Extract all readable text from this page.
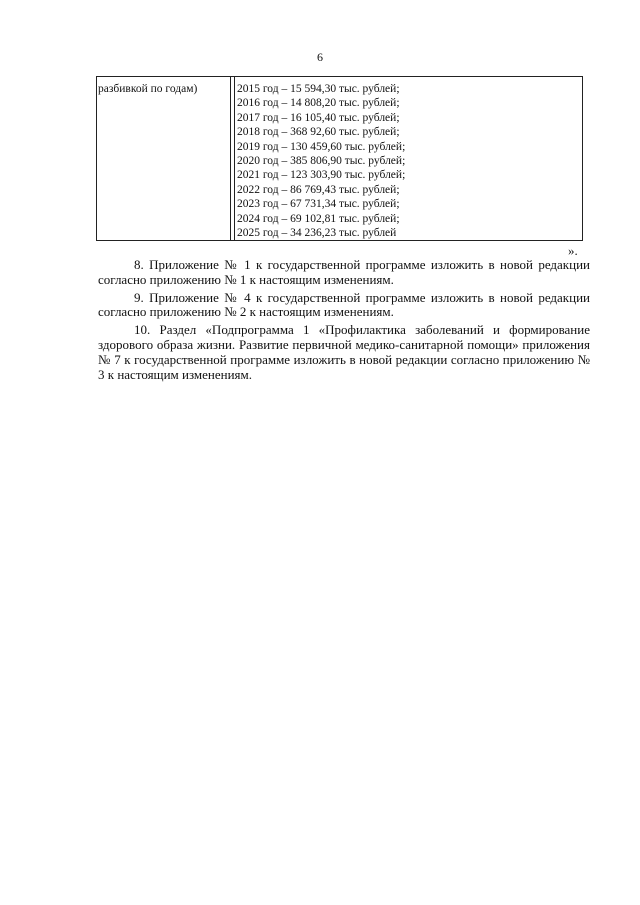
6
разбивкой по годам)	2015 год – 15 594,30 тыс. рублей;
2016 год – 14 808,20 тыс. рублей;
2017 год – 16 105,40 тыс. рублей;
2018 год – 368 92,60 тыс. рублей;
2019 год – 130 459,60 тыс. рублей;
2020 год – 385 806,90 тыс. рублей;
2021 год – 123 303,90 тыс. рублей;
2022 год – 86 769,43 тыс. рублей;
2023 год – 67 731,34 тыс. рублей;
2024 год – 69 102,81 тыс. рублей;
2025 год – 34 236,23 тыс. рублей
».

8. Приложение № 1 к государственной программе изложить в новой редакции согласно приложению № 1 к настоящим изменениям.

9. Приложение № 4 к государственной программе изложить в новой редакции согласно приложению № 2 к настоящим изменениям.

10. Раздел «Подпрограмма 1 «Профилактика заболеваний и формирование здорового образа жизни. Развитие первичной медико-санитарной помощи» приложения № 7 к государственной программе изложить в новой редакции согласно приложению № 3 к настоящим изменениям.
